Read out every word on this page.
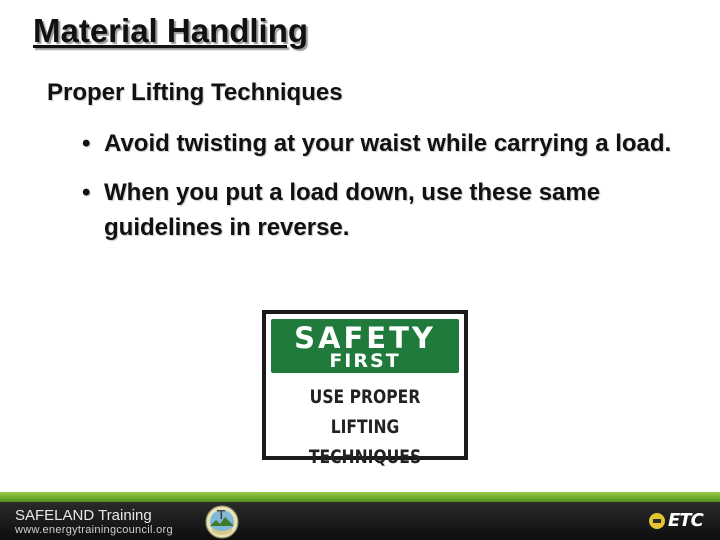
Material Handling
Proper Lifting Techniques
• Avoid twisting at your waist while carrying a load.
• When you put a load down, use these same guidelines in reverse.
SAFETY
FIRST
USE PROPER
LIFTING TECHNIQUES
SAFELAND Training
www.energytrainingcouncil.org	ETC
